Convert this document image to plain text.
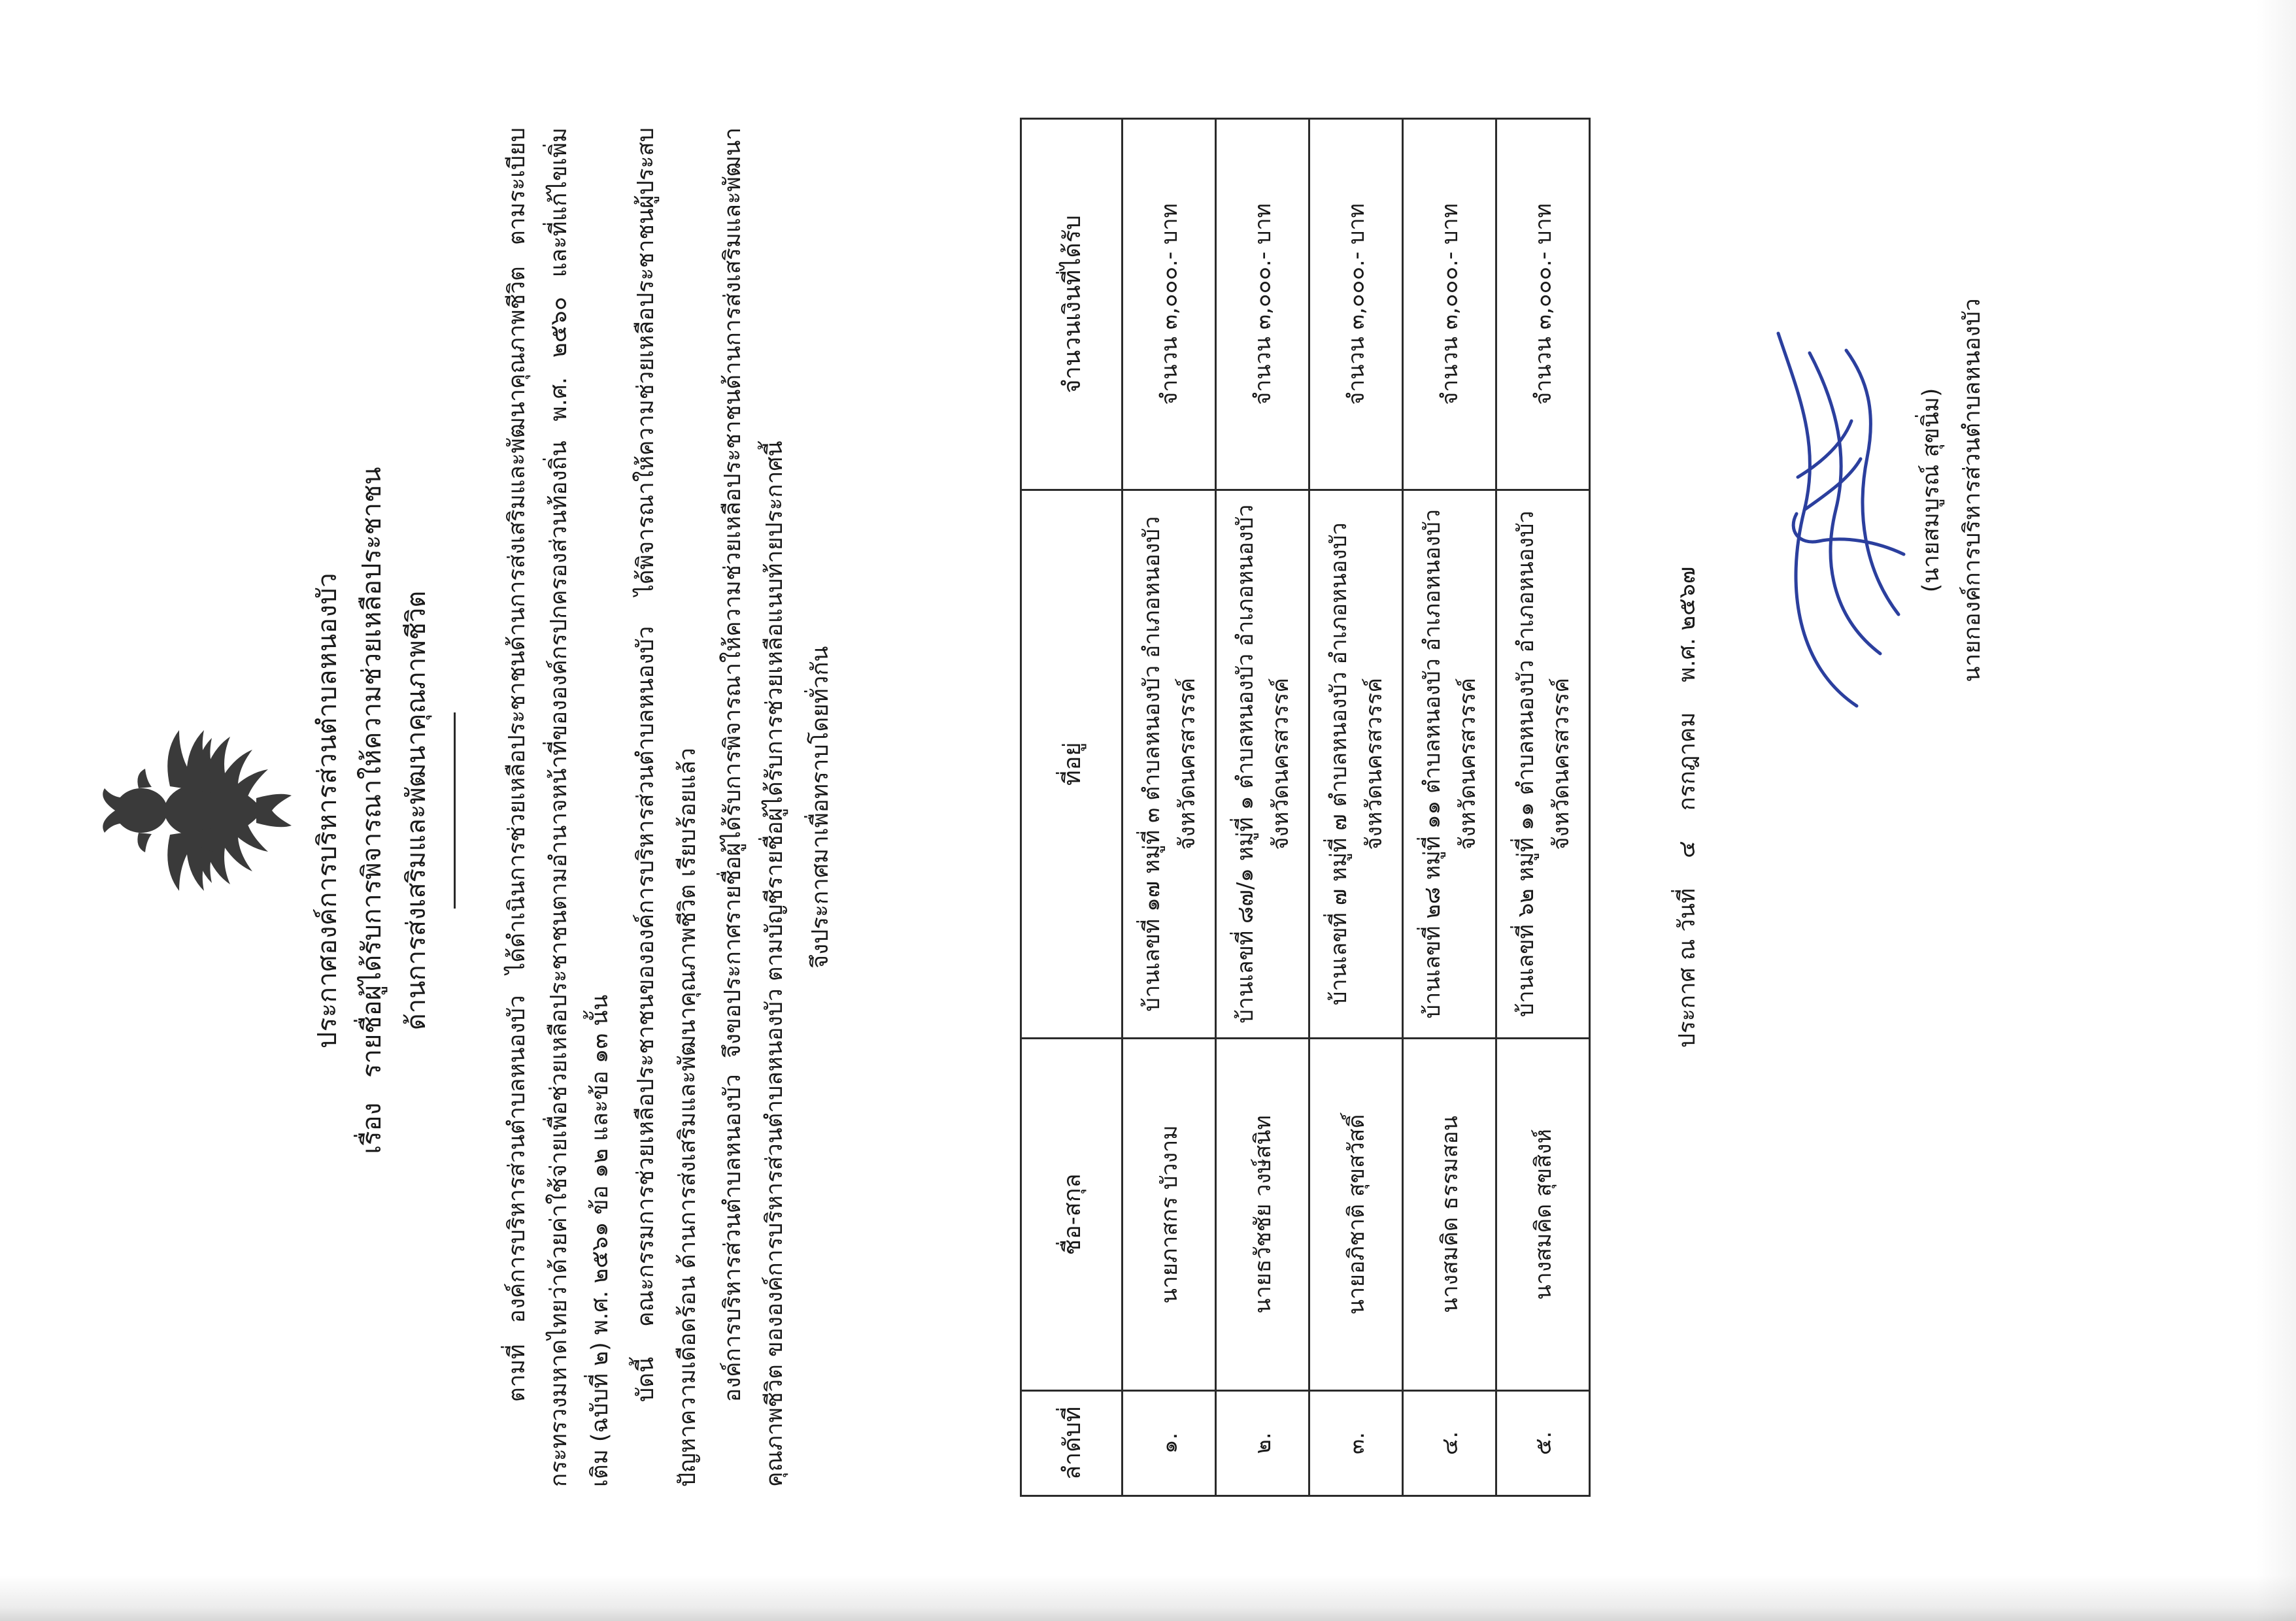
ประกาศองค์การบริหารส่วนตำบลหนองบัว
เรื่องรายชื่อผู้ได้รับการพิจารณาให้ความช่วยเหลือประชาชน ด้านการส่งเสริมและพัฒนาคุณภาพชีวิต	ตามที่ องค์การบริหารส่วนตำบลหนองบัว ได้ดำเนินการช่วยเหลือประชาชนด้านการส่งเสริมและพัฒนาคุณภาพชีวิต ตามระเบียบกระทรวงมหาดไทยว่าด้วยค่าใช้จ่ายเพื่อช่วยเหลือประชาชนตามอำนาจหน้าที่ขององค์กรปกครองส่วนท้องถิ่น พ.ศ. ๒๕๖๐ และที่แก้ไขเพิ่มเติม (ฉบับที่ ๒) พ.ศ. ๒๕๖๑ ข้อ ๑๒ และข้อ ๑๓ นั้น บัดนี้ คณะกรรมการช่วยเหลือประชาชนขององค์การบริหารส่วนตำบลหนองบัว ได้พิจารณาให้ความช่วยเหลือประชาชนผู้ประสบปัญหาความเดือดร้อน ด้านการส่งเสริมและพัฒนาคุณภาพชีวิต เรียบร้อยแล้ว องค์การบริหารส่วนตำบลหนองบัว จึงขอประกาศรายชื่อผู้ได้รับการพิจารณาให้ความช่วยเหลือประชาชนด้านการส่งเสริมและพัฒนาคุณภาพชีวิต ขององค์การบริหารส่วนตำบลหนองบัว ตามบัญชีรายชื่อผู้ได้รับการช่วยเหลือแนบท้ายประกาศนี้ จึงประกาศมาเพื่อทราบโดยทั่วกัน

ลำดับที่	ชื่อ-สกุล	ที่อยู่	จำนวนเงินที่ได้รับ
๑.	นายภาสกร บัวงาม	บ้านเลขที่ ๑๗ หมู่ที่ ๓ ตำบลหนองบัว อำเภอหนองบัว จังหวัดนครสวรรค์	จำนวน ๓,๐๐๐.- บาท
๒.	นายธวัชชัย วงษ์สนิท	บ้านเลขที่ ๘๗/๑ หมู่ที่ ๑ ตำบลหนองบัว อำเภอหนองบัว จังหวัดนครสวรรค์	จำนวน ๓,๐๐๐.- บาท
๓.	นายอภิชาติ สุขสวัสดิ์	บ้านเลขที่ ๗ หมู่ที่ ๗ ตำบลหนองบัว อำเภอหนองบัว จังหวัดนครสวรรค์	จำนวน ๓,๐๐๐.- บาท
๔.	นางสมคิด ธรรมสอน	บ้านเลขที่ ๒๘ หมู่ที่ ๑๑ ตำบลหนองบัว อำเภอหนองบัว จังหวัดนครสวรรค์	จำนวน ๓,๐๐๐.- บาท
๕.	นางสมคิด สุขสิงห์	บ้านเลขที่ ๖๒ หมู่ที่ ๑๑ ตำบลหนองบัว อำเภอหนองบัว จังหวัดนครสวรรค์	จำนวน ๓,๐๐๐.- บาท
ประกาศ ณ วันที่๔กรกฎาคมพ.ศ. ๒๕๖๗
(นายสมบูรณ์ สุขนิ่ม) นายกองค์การบริหารส่วนตำบลหนองบัว
